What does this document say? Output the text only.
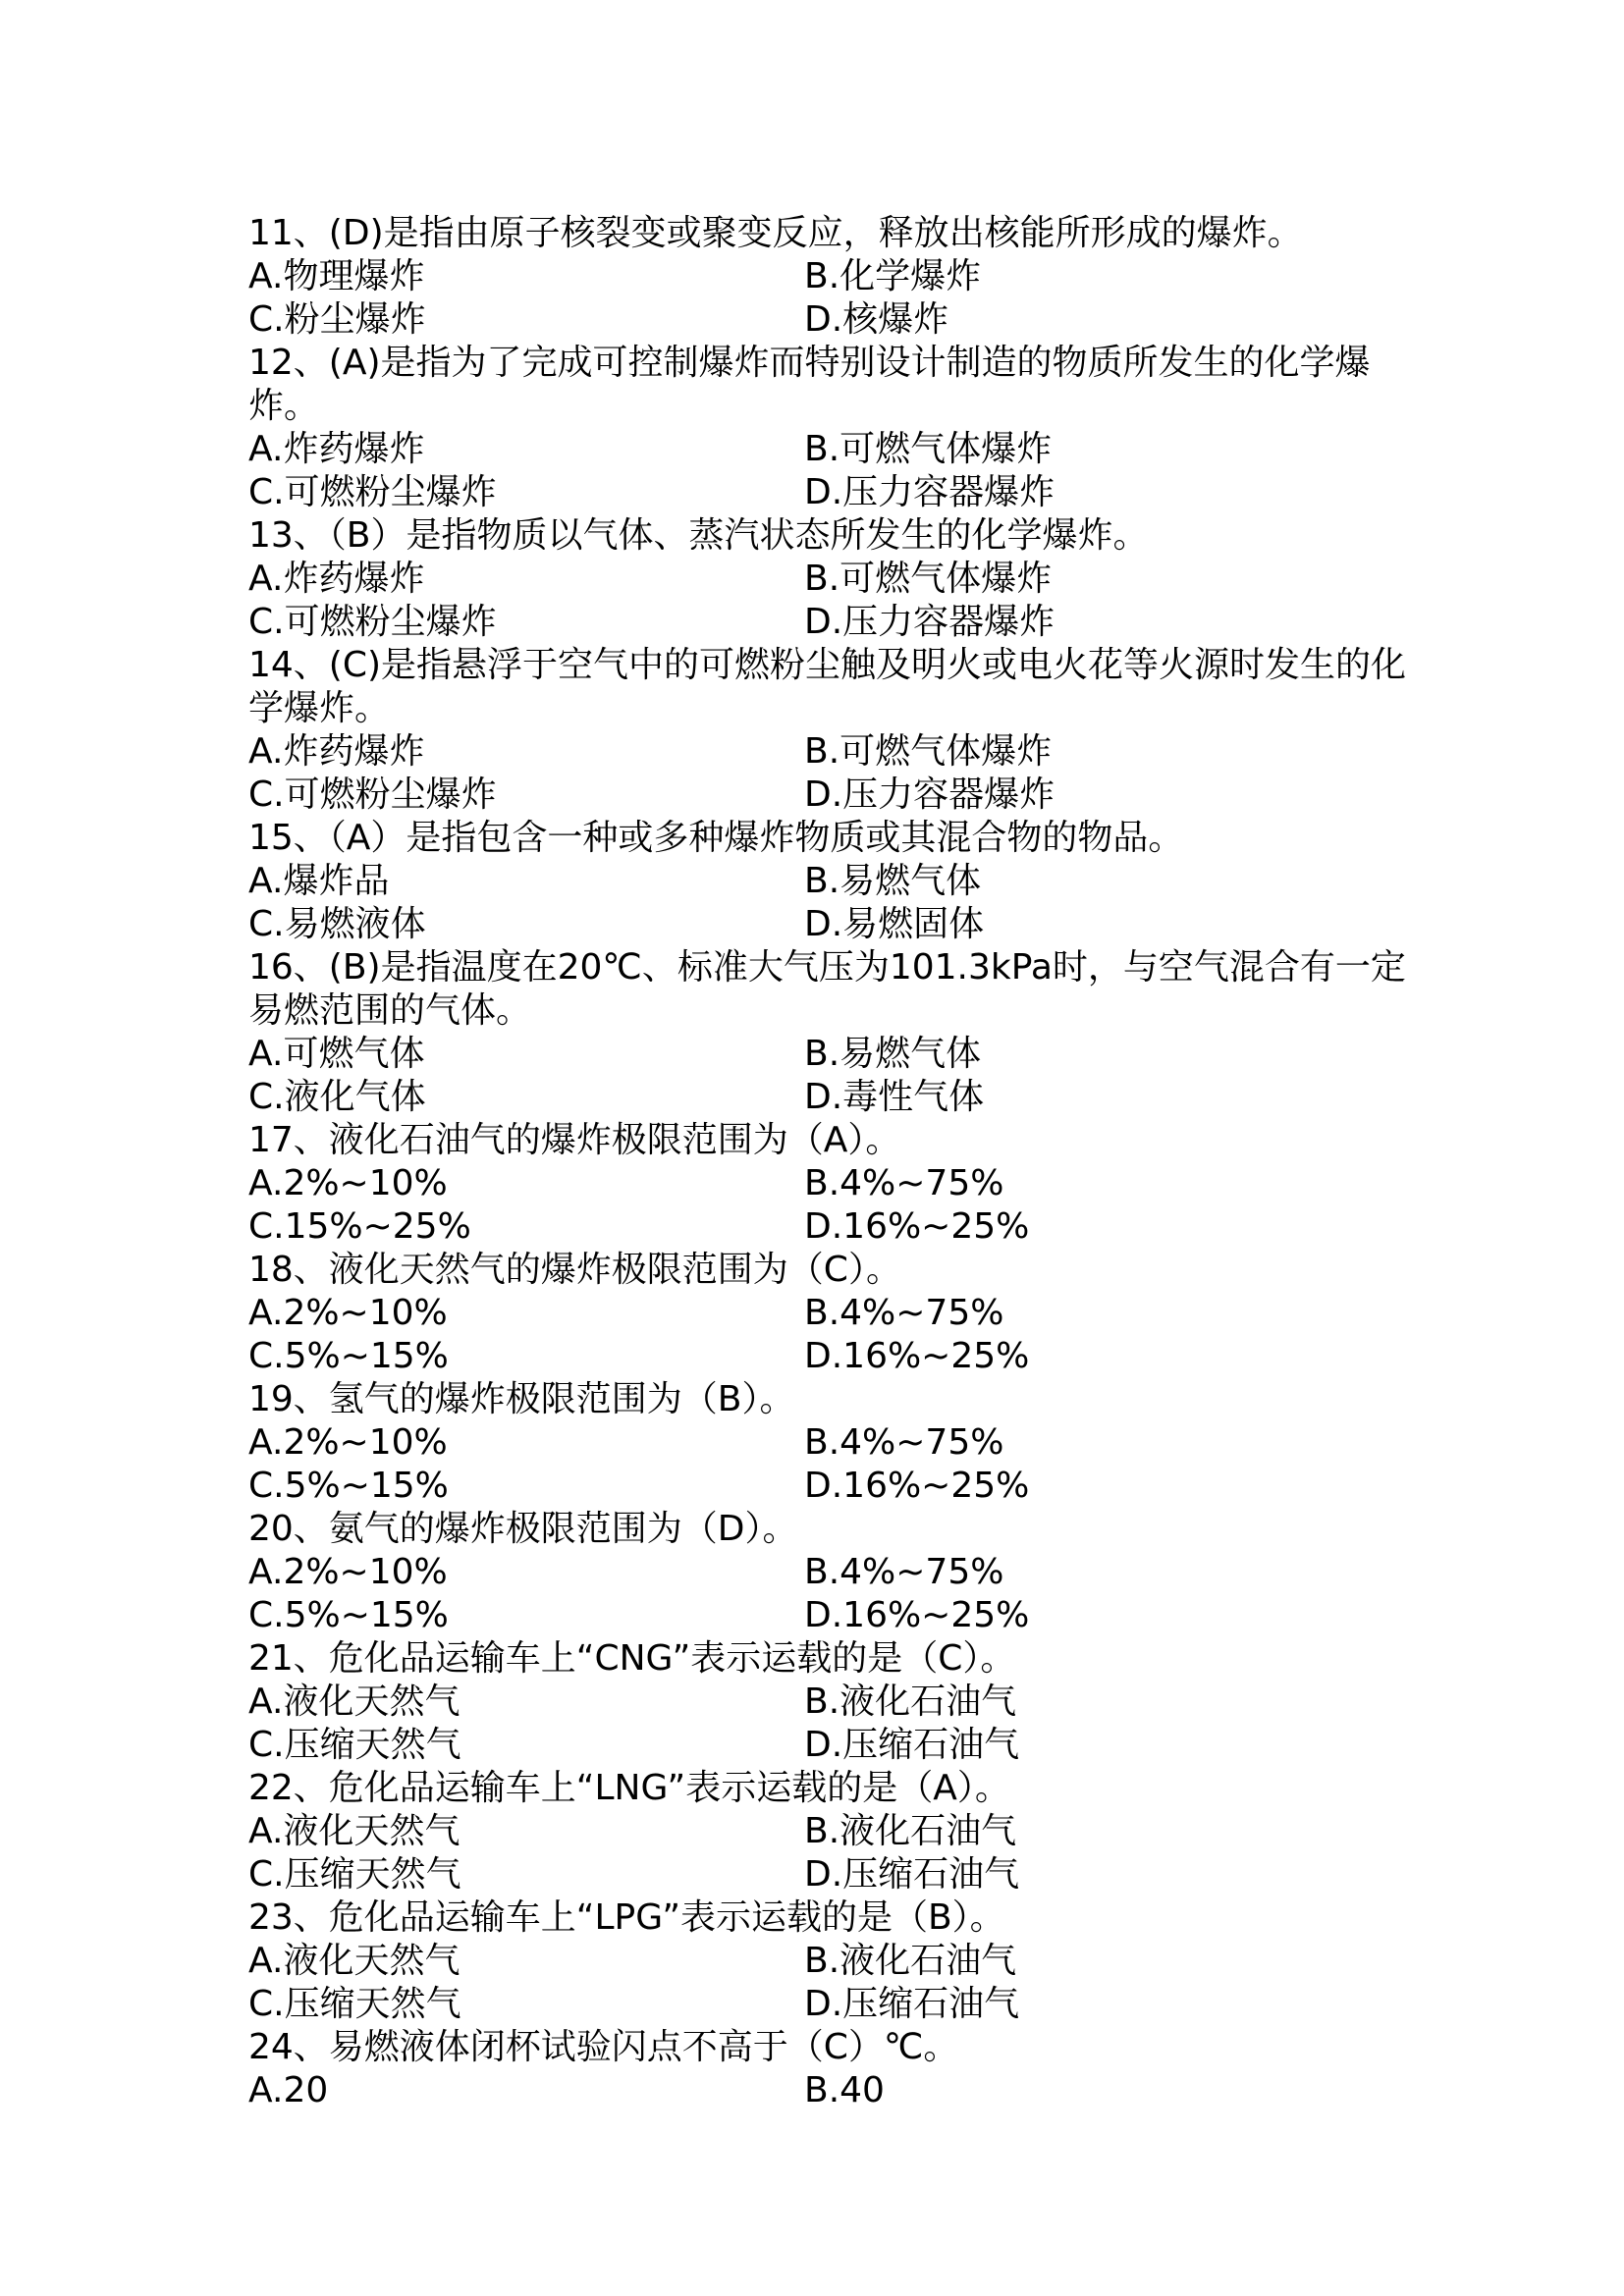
11、(D)是指由原子核裂变或聚变反应，释放出核能所形成的爆炸。
A.物理爆炸	B.化学爆炸
C.粉尘爆炸	D.核爆炸
12、(A)是指为了完成可控制爆炸而特别设计制造的物质所发生的化学爆炸。
A.炸药爆炸	B.可燃气体爆炸
C.可燃粉尘爆炸	D.压力容器爆炸
13、（B）是指物质以气体、蒸汽状态所发生的化学爆炸。
A.炸药爆炸	B.可燃气体爆炸
C.可燃粉尘爆炸	D.压力容器爆炸
14、(C)是指悬浮于空气中的可燃粉尘触及明火或电火花等火源时发生的化学爆炸。
A.炸药爆炸	B.可燃气体爆炸
C.可燃粉尘爆炸	D.压力容器爆炸
15、（A）是指包含一种或多种爆炸物质或其混合物的物品。
A.爆炸品	B.易燃气体
C.易燃液体	D.易燃固体
16、(B)是指温度在20℃、标准大气压为101.3kPa时，与空气混合有一定易燃范围的气体。
A.可燃气体	B.易燃气体
C.液化气体	D.毒性气体
17、液化石油气的爆炸极限范围为（A）。
A.2%~10%	B.4%~75%
C.15%~25%	D.16%~25%
18、液化天然气的爆炸极限范围为（C）。
A.2%~10%	B.4%~75%
C.5%~15%	D.16%~25%
19、氢气的爆炸极限范围为（B）。
A.2%~10%	B.4%~75%
C.5%~15%	D.16%~25%
20、氨气的爆炸极限范围为（D）。
A.2%~10%	B.4%~75%
C.5%~15%	D.16%~25%
21、危化品运输车上“CNG”表示运载的是（C）。
A.液化天然气	B.液化石油气
C.压缩天然气	D.压缩石油气
22、危化品运输车上“LNG”表示运载的是（A）。
A.液化天然气	B.液化石油气
C.压缩天然气	D.压缩石油气
23、危化品运输车上“LPG”表示运载的是（B）。
A.液化天然气	B.液化石油气
C.压缩天然气	D.压缩石油气
24、易燃液体闭杯试验闪点不高于（C）℃。
A.20	B.40
